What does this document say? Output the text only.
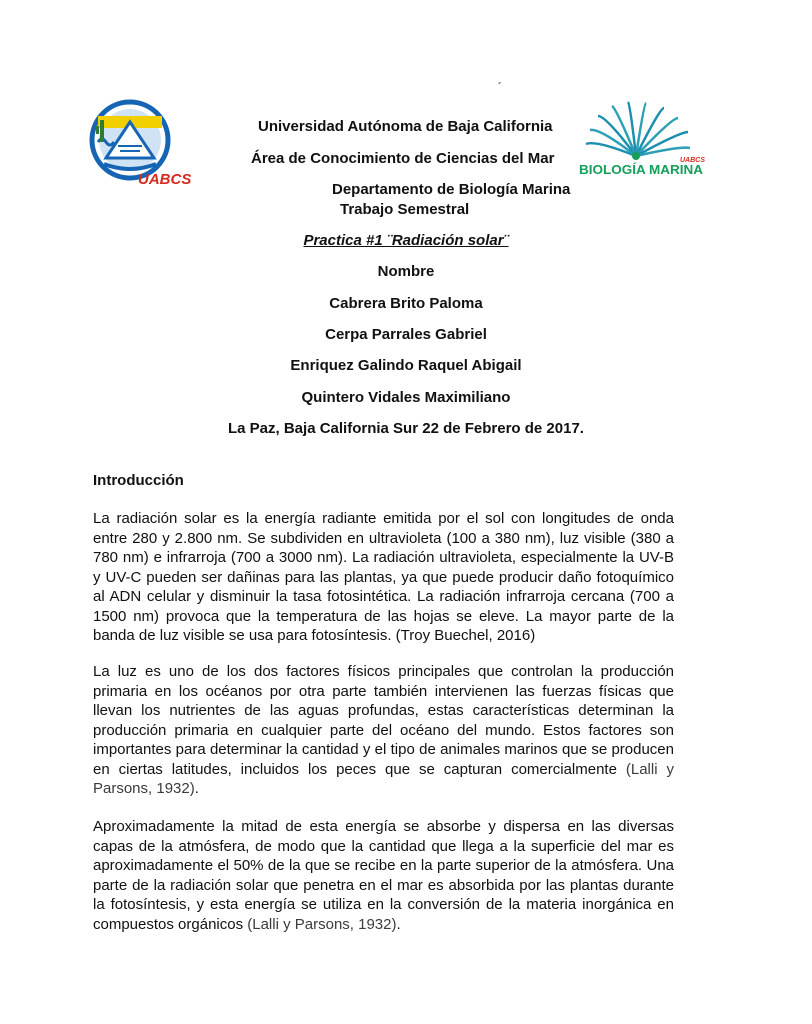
´
UABCS
UABCS
BIOLOGÍA MARINA
Universidad Autónoma de Baja California
Área de Conocimiento de Ciencias del Mar
Departamento de Biología Marina
Trabajo Semestral
Practica #1 ¨Radiación solar¨
Nombre
Cabrera Brito Paloma
Cerpa Parrales Gabriel
Enriquez Galindo Raquel Abigail
Quintero Vidales Maximiliano
La Paz, Baja California Sur 22 de Febrero de 2017.
Introducción

La radiación solar es la energía radiante emitida por el sol con longitudes de onda entre 280 y 2.800 nm. Se subdividen en ultravioleta (100 a 380 nm), luz visible (380 a 780 nm) e infrarroja (700 a 3000 nm). La radiación ultravioleta, especialmente la UV-B y UV-C pueden ser dañinas para las plantas, ya que puede producir daño fotoquímico al ADN celular y disminuir la tasa fotosintética. La radiación infrarroja cercana (700 a 1500 nm) provoca que la temperatura de las hojas se eleve. La mayor parte de la banda de luz visible se usa para fotosíntesis. (Troy Buechel, 2016)

La luz es uno de los dos factores físicos principales que controlan la producción primaria en los océanos por otra parte también intervienen las fuerzas físicas que llevan los nutrientes de las aguas profundas, estas características determinan la producción primaria en cualquier parte del océano del mundo. Estos factores son importantes para determinar la cantidad y el tipo de animales marinos que se producen en ciertas latitudes, incluidos los peces que se capturan comercialmente (Lalli y Parsons, 1932).

Aproximadamente la mitad de esta energía se absorbe y dispersa en las diversas capas de la atmósfera, de modo que la cantidad que llega a la superficie del mar es aproximadamente el 50% de la que se recibe en la parte superior de la atmósfera. Una parte de la radiación solar que penetra en el mar es absorbida por las plantas durante la fotosíntesis, y esta energía se utiliza en la conversión de la materia inorgánica en compuestos orgánicos (Lalli y Parsons, 1932).
